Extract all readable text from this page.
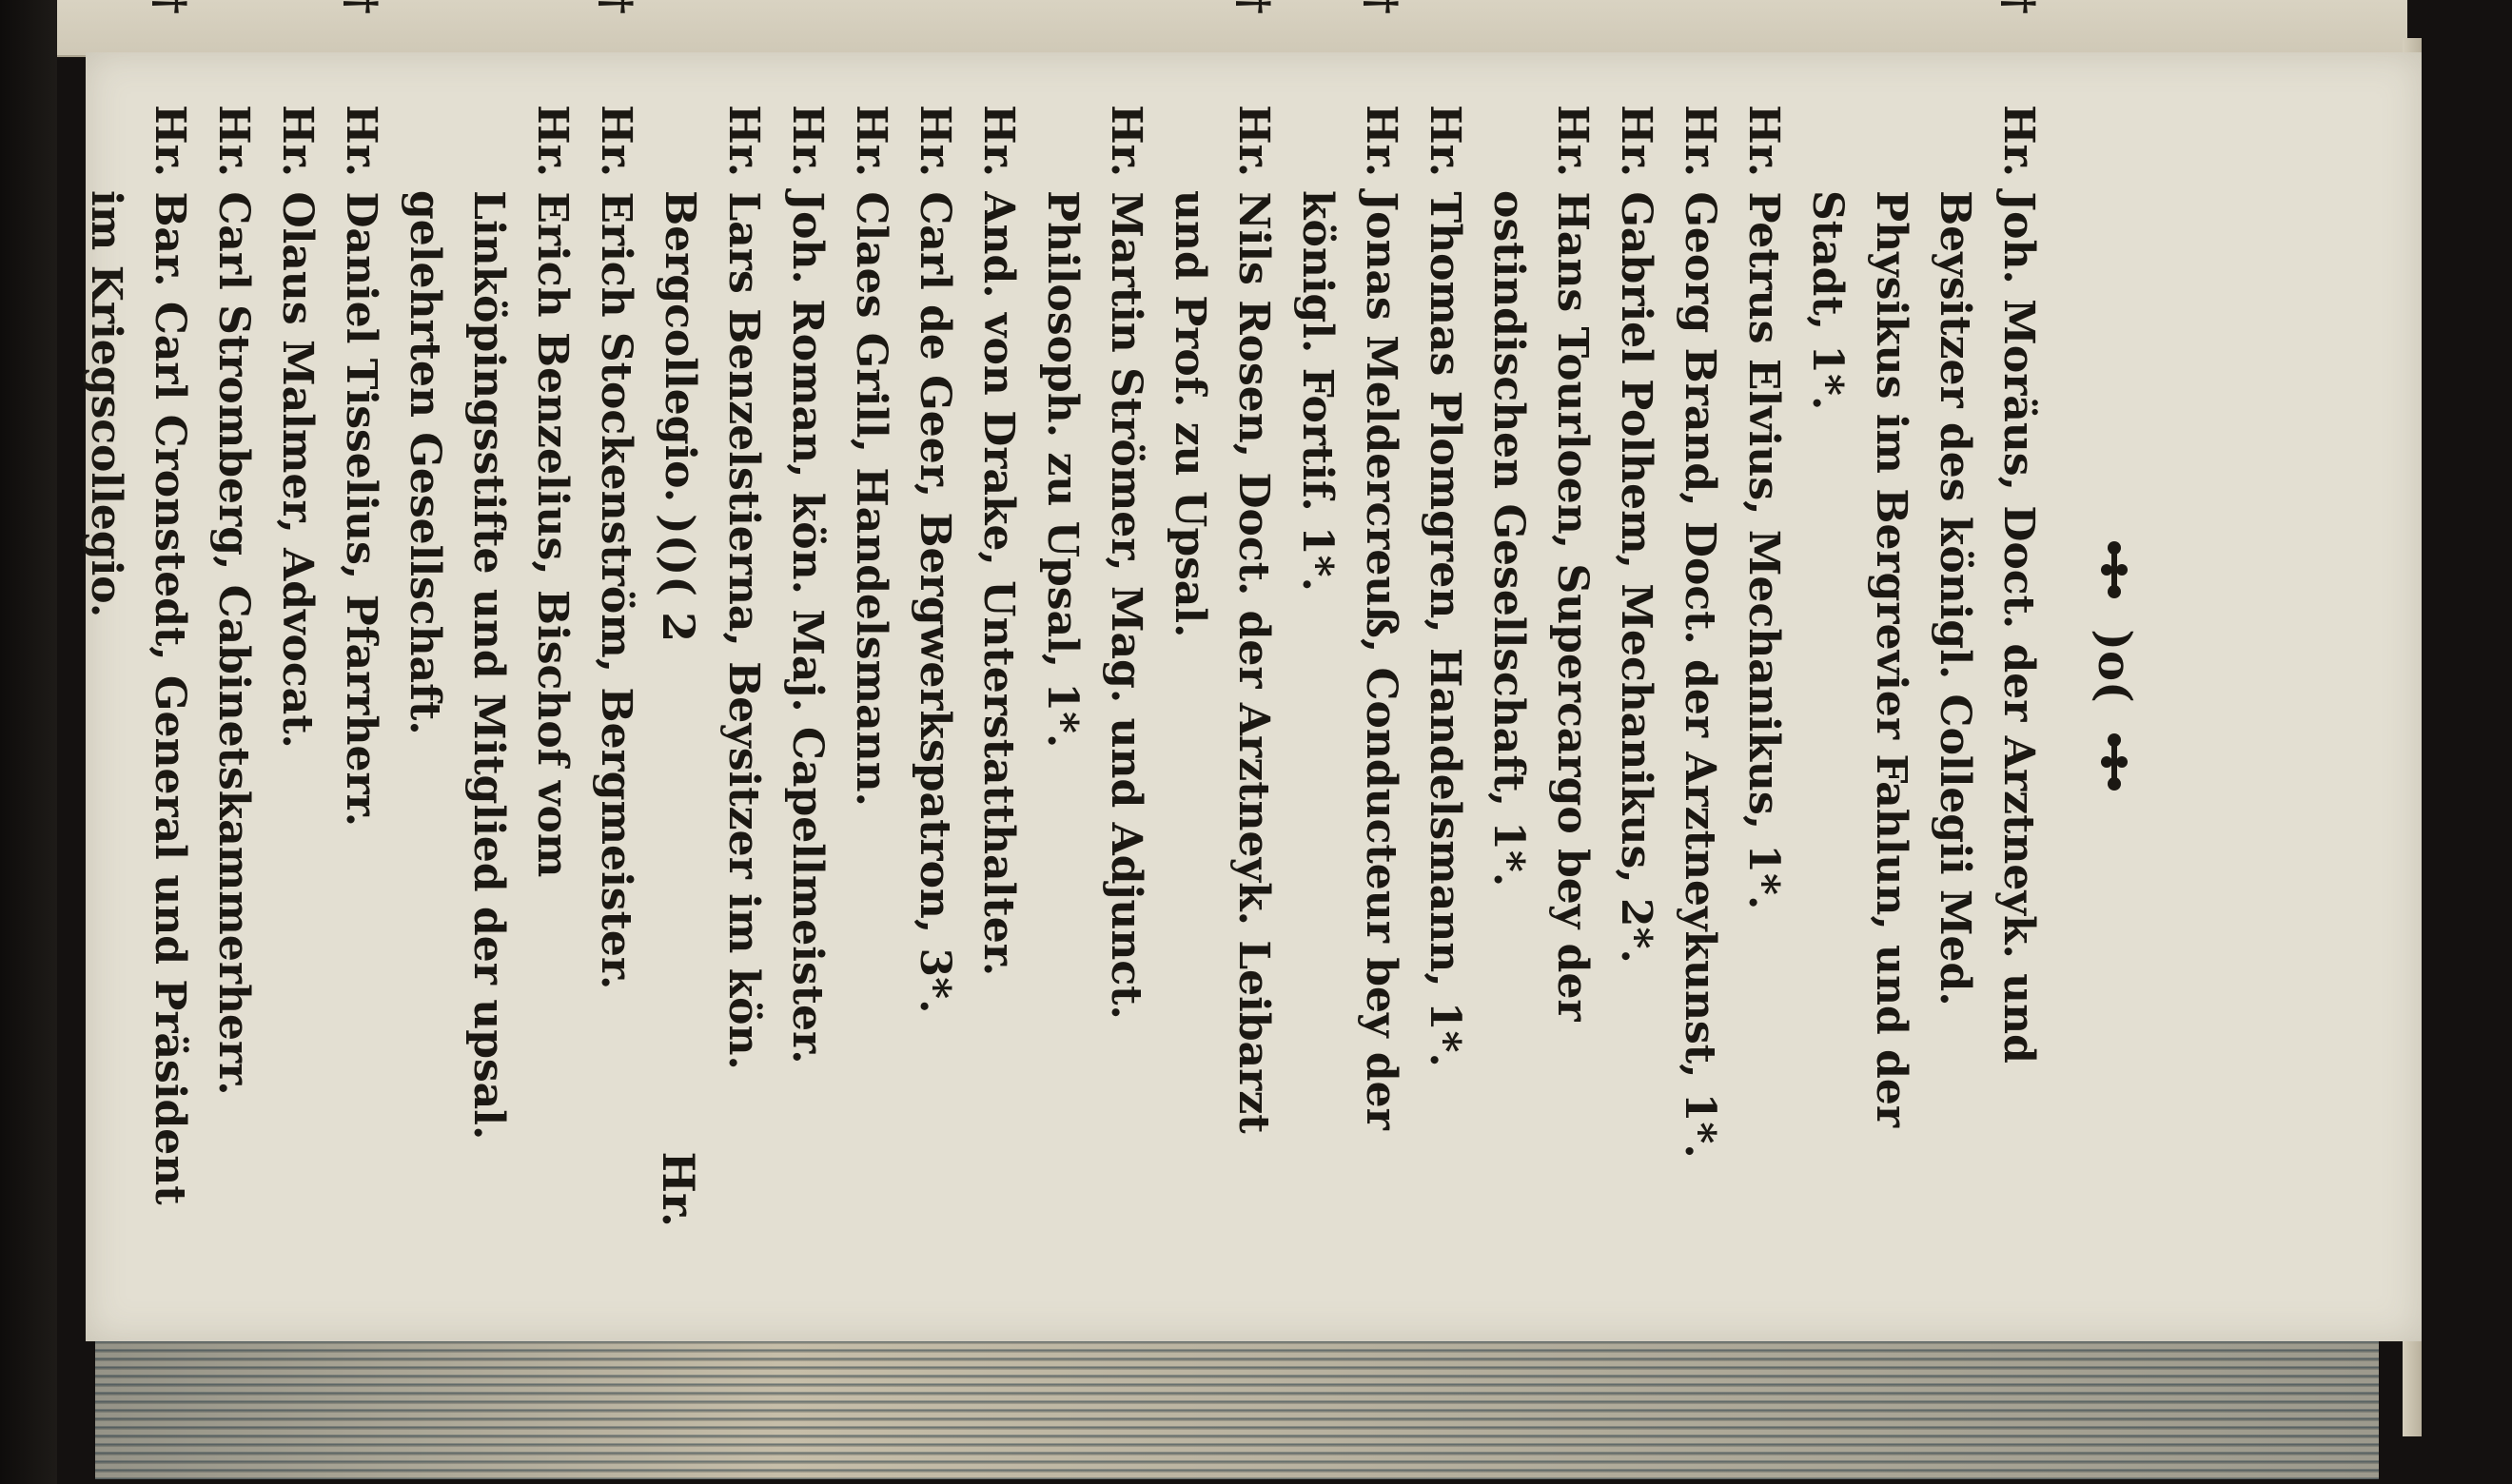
)o(
Hr. Joh. Moräus, Doct. der Arztneyk. und Beysitzer des königl. Collegii Med. Physikus im Bergrevier Fahlun, und der Stadt, 1*.
Hr. Petrus Elvius, Mechanikus, 1*.
Hr. Georg Brand, Doct. der Arztneykunst, 1*.
Hr. Gabriel Polhem, Mechanikus, 2*.
Hr. Hans Tourloen, Supercargo bey der ostindischen Gesellschaft, 1*.
Hr. Thomas Plomgren, Handelsmann, 1*.
Hr. Jonas Meldercreuß, Conducteur bey der königl. Fortif. 1*.
Hr. Nils Rosen, Doct. der Arztneyk. Leibarzt und Prof. zu Upsal.
Hr. Martin Strömer, Mag. und Adjunct. Philosoph. zu Upsal, 1*.
Hr. And. von Drake, Unterstatthalter.
Hr. Carl de Geer, Bergwerkspatron, 3*.
Hr. Claes Grill, Handelsmann.
Hr. Joh. Roman, kön. Maj. Capellmeister.
Hr. Lars Benzelstierna, Beysitzer im kön. Bergcollegio.
Hr. Erich Stockenström, Bergmeister.
Hr. Erich Benzelius, Bischof vom Linköpingsstifte und Mitglied der upsal. gelehrten Gesellschaft.
Hr. Daniel Tisselius, Pfarrherr.
Hr. Olaus Malmer, Advocat.
Hr. Carl Stromberg, Cabinetskammerherr.
Hr. Bar. Carl Cronstedt, General und Präsident im Kriegscollegio.	)()( 2
Hr.
